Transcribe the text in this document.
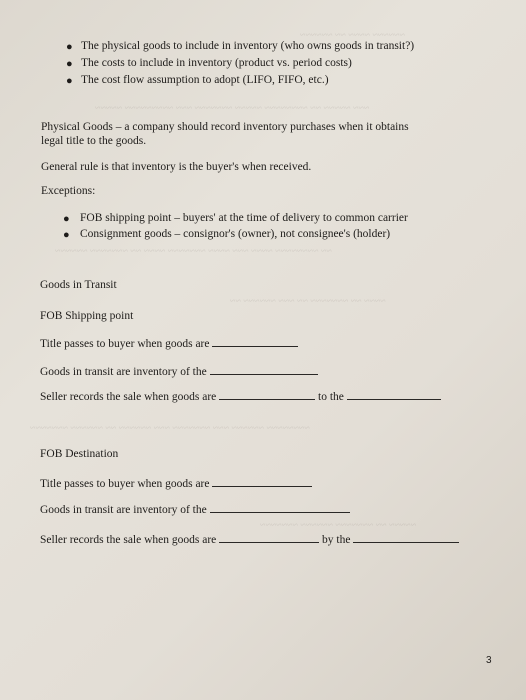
~~~~~~ ~~~~ ~~ ~~~~~~
~~~ ~~~~~ ~~ ~~~~~~~~ ~~~~~ ~~~~~~~ ~~~ ~~~~~~~~~ ~~~~~
~~ ~~~~~~~~ ~~~~ ~~~ ~~~~ ~~~~~~~ ~~~~ ~~ ~~~~~~~ ~~~~~~
~~~~ ~~ ~~~~~~~ ~~ ~~~ ~~~~~~ ~~
~~~~~~~~ ~~~~~~ ~~~ ~~~~~~~ ~~~ ~~~~~~ ~~ ~~~~~~ ~~~~~~~
~~~~~ ~~ ~~~~~~~ ~~~~~~ ~~~~~~~
● The physical goods to include in inventory (who owns goods in transit?)
● The costs to include in inventory (product vs. period costs)
● The cost flow assumption to adopt (LIFO, FIFO, etc.)
Physical Goods – a company should record inventory purchases when it obtains
legal title to the goods.
General rule is that inventory is the buyer's when received.
Exceptions:
● FOB shipping point – buyers' at the time of delivery to common carrier
● Consignment goods – consignor's (owner), not consignee's (holder)
Goods in Transit
FOB Shipping point
Title passes to buyer when goods are
Goods in transit are inventory of the
Seller records the sale when goods are	to the
FOB Destination
Title passes to buyer when goods are
Goods in transit are inventory of the
Seller records the sale when goods are	by the
3
